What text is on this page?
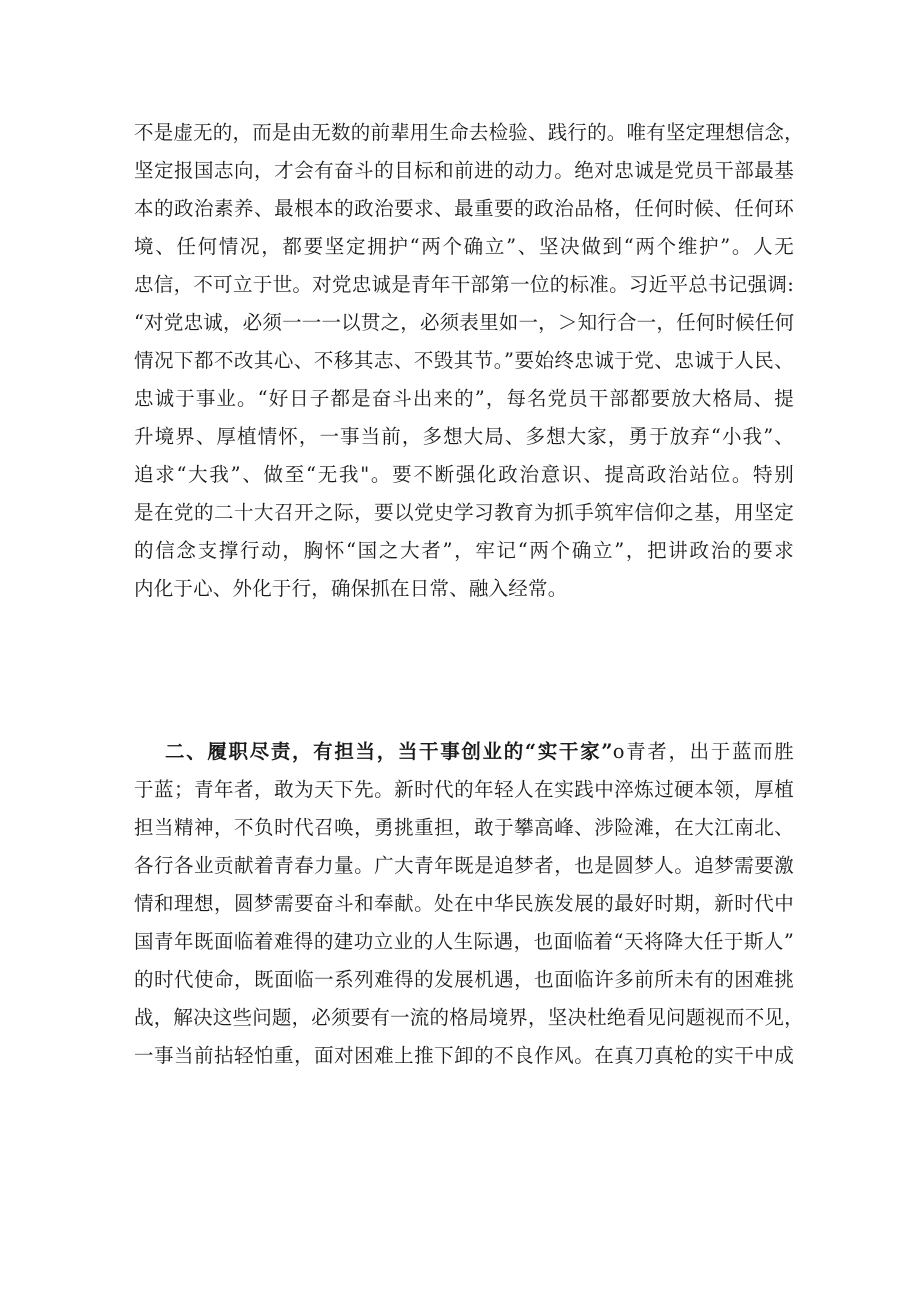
不是虚无的，而是由无数的前辈用生命去检验、践行的。唯有坚定理想信念，
坚定报国志向，才会有奋斗的目标和前进的动力。绝对忠诚是党员干部最基
本的政治素养、最根本的政治要求、最重要的政治品格，任何时候、任何环
境、任何情况，都要坚定拥护“两个确立”、坚决做到“两个维护”。人无
忠信，不可立于世。对党忠诚是青年干部第一位的标准。习近平总书记强调:
“对党忠诚，必须一一一以贯之，必须表里如一，＞知行合一，任何时候任何
情况下都不改其心、不移其志、不毁其节。”要始终忠诚于党、忠诚于人民、
忠诚于事业。“好日子都是奋斗出来的”，每名党员干部都要放大格局、提
升境界、厚植情怀，一事当前，多想大局、多想大家，勇于放弃“小我”、
追求“大我”、做至“无我"。要不断强化政治意识、提高政治站位。特别
是在党的二十大召开之际，要以党史学习教育为抓手筑牢信仰之基，用坚定
的信念支撑行动，胸怀“国之大者”，牢记“两个确立”，把讲政治的要求
内化于心、外化于行，确保抓在日常、融入经常。
二、履职尽责，有担当，当干事创业的“实干家”o青者，出于蓝而胜
于蓝；青年者，敢为天下先。新时代的年轻人在实践中淬炼过硬本领，厚植
担当精神，不负时代召唤，勇挑重担，敢于攀高峰、涉险滩，在大江南北、
各行各业贡献着青春力量。广大青年既是追梦者，也是圆梦人。追梦需要激
情和理想，圆梦需要奋斗和奉献。处在中华民族发展的最好时期，新时代中
国青年既面临着难得的建功立业的人生际遇，也面临着“天将降大任于斯人”
的时代使命，既面临一系列难得的发展机遇，也面临许多前所未有的困难挑
战，解决这些问题，必须要有一流的格局境界，坚决杜绝看见问题视而不见，
一事当前拈轻怕重，面对困难上推下卸的不良作风。在真刀真枪的实干中成
